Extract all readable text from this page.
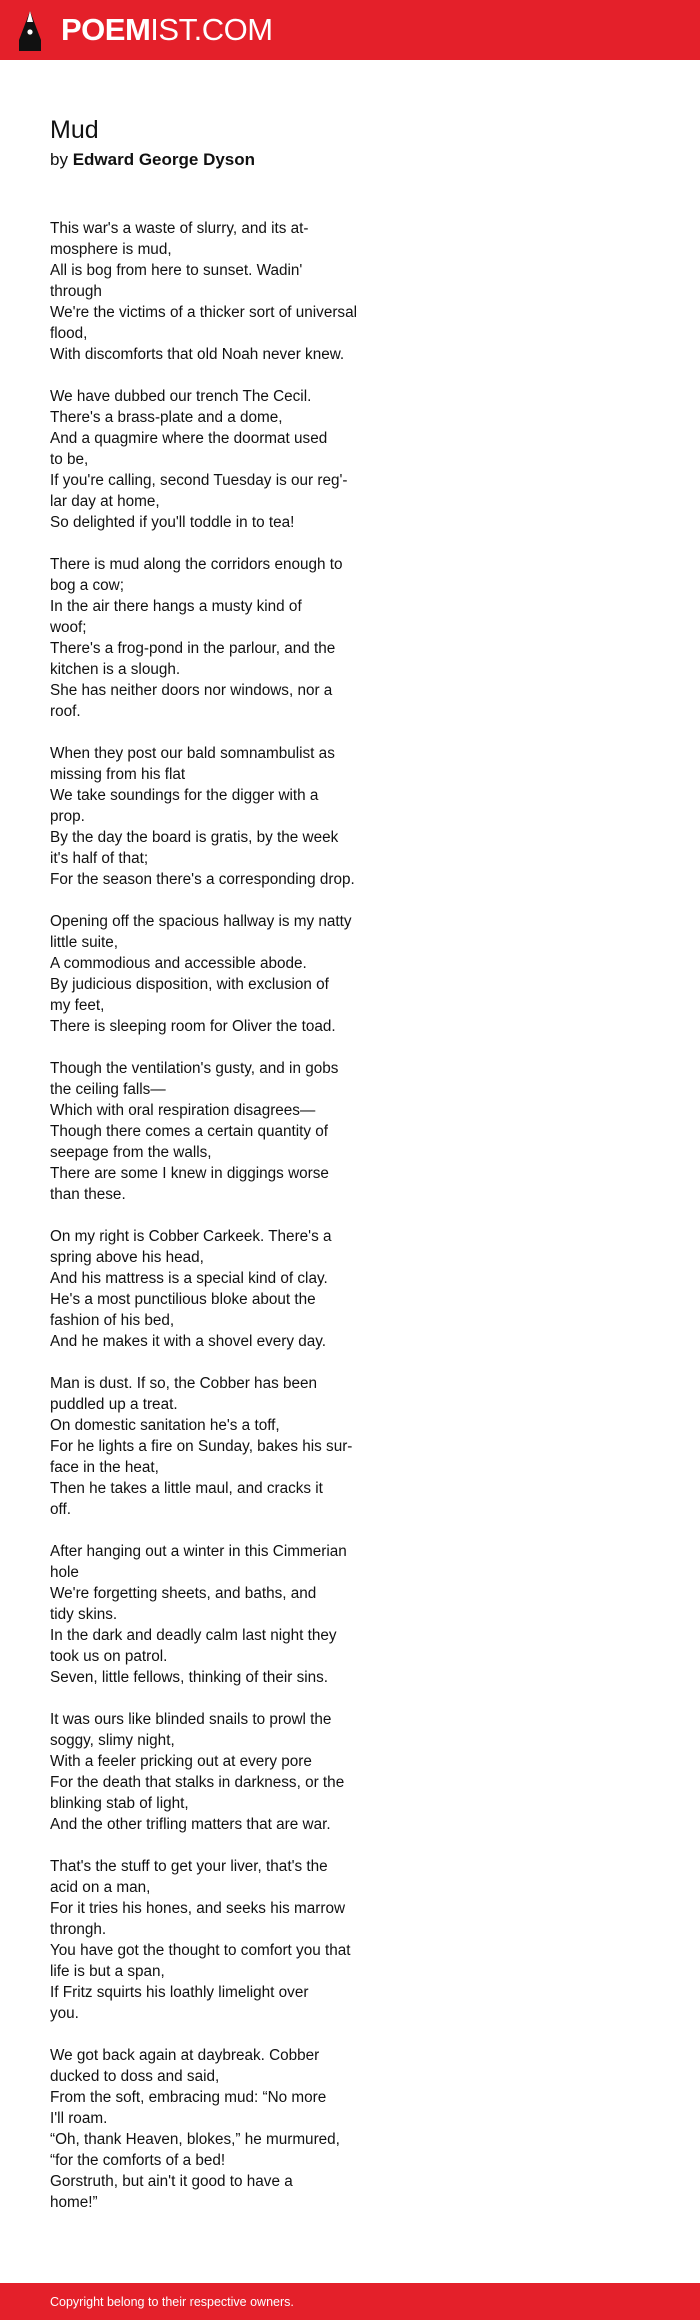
POEMIST.COM
Mud
by Edward George Dyson
This war's a waste of slurry, and its at-
mosphere is mud,
All is bog from here to sunset. Wadin'
through
We're the victims of a thicker sort of universal
flood,
With discomforts that old Noah never knew.
We have dubbed our trench The Cecil.
There's a brass-plate and a dome,
And a quagmire where the doormat used
to be,
If you're calling, second Tuesday is our reg'-
lar day at home,
So delighted if you'll toddle in to tea!
There is mud along the corridors enough to
bog a cow;
In the air there hangs a musty kind of
woof;
There's a frog-pond in the parlour, and the
kitchen is a slough.
She has neither doors nor windows, nor a
roof.
When they post our bald somnambulist as
missing from his flat
We take soundings for the digger with a
prop.
By the day the board is gratis, by the week
it's half of that;
For the season there's a corresponding drop.
Opening off the spacious hallway is my natty
little suite,
A commodious and accessible abode.
By judicious disposition, with exclusion of
my feet,
There is sleeping room for Oliver the toad.
Though the ventilation's gusty, and in gobs
the ceiling falls—
Which with oral respiration disagrees—
Though there comes a certain quantity of
seepage from the walls,
There are some I knew in diggings worse
than these.
On my right is Cobber Carkeek. There's a
spring above his head,
And his mattress is a special kind of clay.
He's a most punctilious bloke about the
fashion of his bed,
And he makes it with a shovel every day.
Man is dust. If so, the Cobber has been
puddled up a treat.
On domestic sanitation he's a toff,
For he lights a fire on Sunday, bakes his sur-
face in the heat,
Then he takes a little maul, and cracks it
off.
After hanging out a winter in this Cimmerian
hole
We're forgetting sheets, and baths, and
tidy skins.
In the dark and deadly calm last night they
took us on patrol.
Seven, little fellows, thinking of their sins.
It was ours like blinded snails to prowl the
soggy, slimy night,
With a feeler pricking out at every pore
For the death that stalks in darkness, or the
blinking stab of light,
And the other trifling matters that are war.
That's the stuff to get your liver, that's the
acid on a man,
For it tries his hones, and seeks his marrow
throngh.
You have got the thought to comfort you that
life is but a span,
If Fritz squirts his loathly limelight over
you.
We got back again at daybreak. Cobber
ducked to doss and said,
From the soft, embracing mud: “No more
I'll roam.
“Oh, thank Heaven, blokes,” he murmured,
“for the comforts of a bed!
Gorstruth, but ain't it good to have a
home!”
Copyright belong to their respective owners.
